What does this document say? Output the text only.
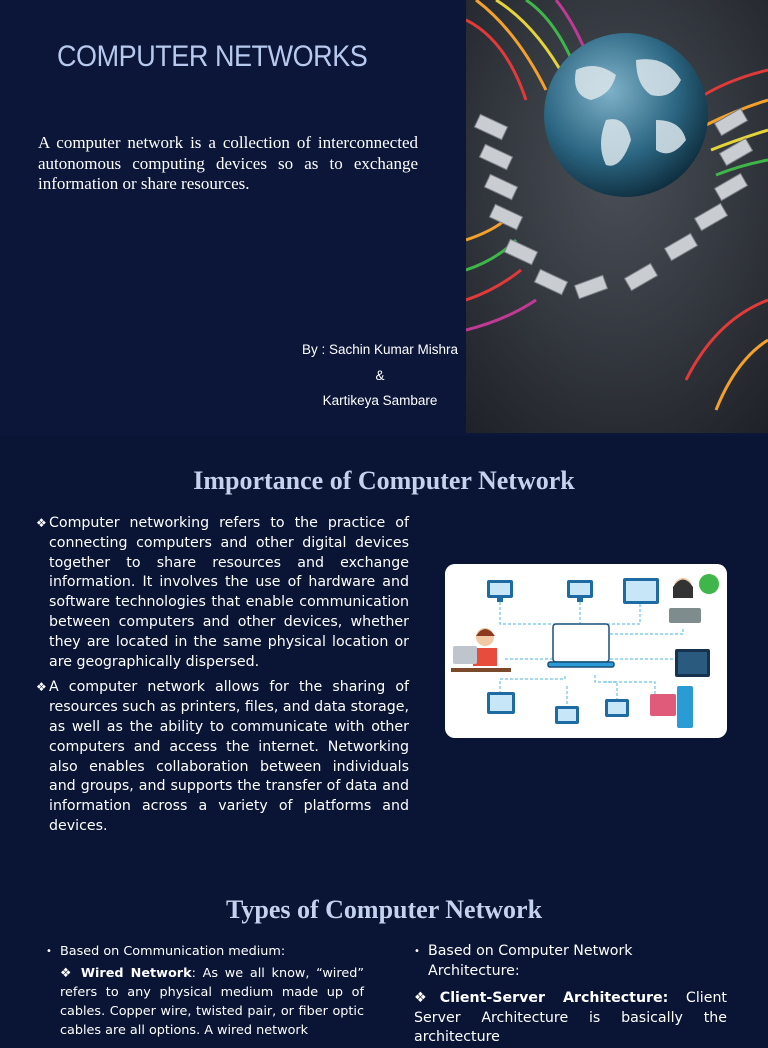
COMPUTER NETWORKS
A computer network is a collection of interconnected autonomous computing devices so as to exchange information or share resources.
By : Sachin Kumar Mishra
&
Kartikeya Sambare
Importance of Computer Network
❖ Computer networking refers to the practice of connecting computers and other digital devices together to share resources and exchange information. It involves the use of hardware and software technologies that enable communication between computers and other devices, whether they are located in the same physical location or are geographically dispersed.
❖ A computer network allows for the sharing of resources such as printers, files, and data storage, as well as the ability to communicate with other computers and access the internet. Networking also enables collaboration between individuals and groups, and supports the transfer of data and information across a variety of platforms and devices.
Types of Computer Network
• Based on Communication medium:
❖ Wired Network: As we all know, “wired” refers to any physical medium made up of cables. Copper wire, twisted pair, or fiber optic cables are all options. A wired network
• Based on Computer Network Architecture:
❖Client-Server Architecture: Client Server Architecture is basically the architecture
